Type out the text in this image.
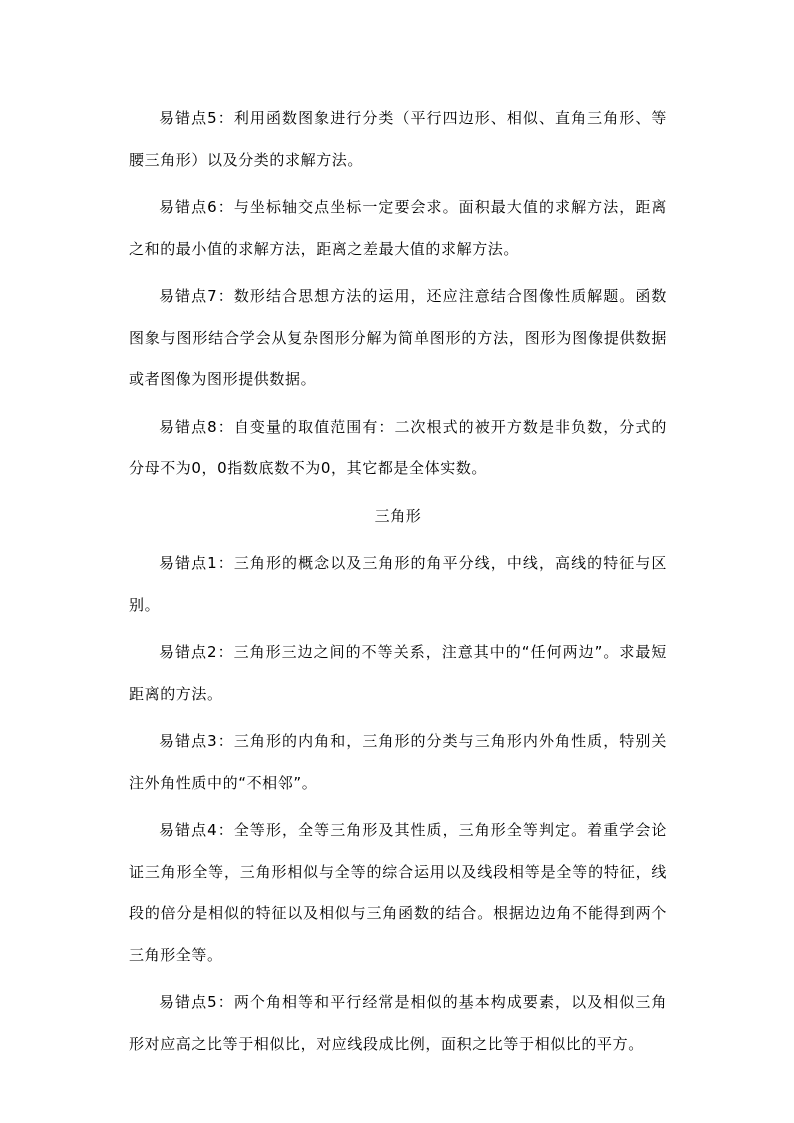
易错点5：利用函数图象进行分类（平行四边形、相似、直角三角形、等腰三角形）以及分类的求解方法。

易错点6：与坐标轴交点坐标一定要会求。面积最大值的求解方法，距离之和的最小值的求解方法，距离之差最大值的求解方法。

易错点7：数形结合思想方法的运用，还应注意结合图像性质解题。函数图象与图形结合学会从复杂图形分解为简单图形的方法，图形为图像提供数据或者图像为图形提供数据。

易错点8：自变量的取值范围有：二次根式的被开方数是非负数，分式的分母不为0，0指数底数不为0，其它都是全体实数。

三角形

易错点1：三角形的概念以及三角形的角平分线，中线，高线的特征与区别。

易错点2：三角形三边之间的不等关系，注意其中的“任何两边”。求最短距离的方法。

易错点3：三角形的内角和，三角形的分类与三角形内外角性质，特别关注外角性质中的“不相邻”。

易错点4：全等形，全等三角形及其性质，三角形全等判定。着重学会论证三角形全等，三角形相似与全等的综合运用以及线段相等是全等的特征，线段的倍分是相似的特征以及相似与三角函数的结合。根据边边角不能得到两个三角形全等。

易错点5：两个角相等和平行经常是相似的基本构成要素，以及相似三角形对应高之比等于相似比，对应线段成比例，面积之比等于相似比的平方。
